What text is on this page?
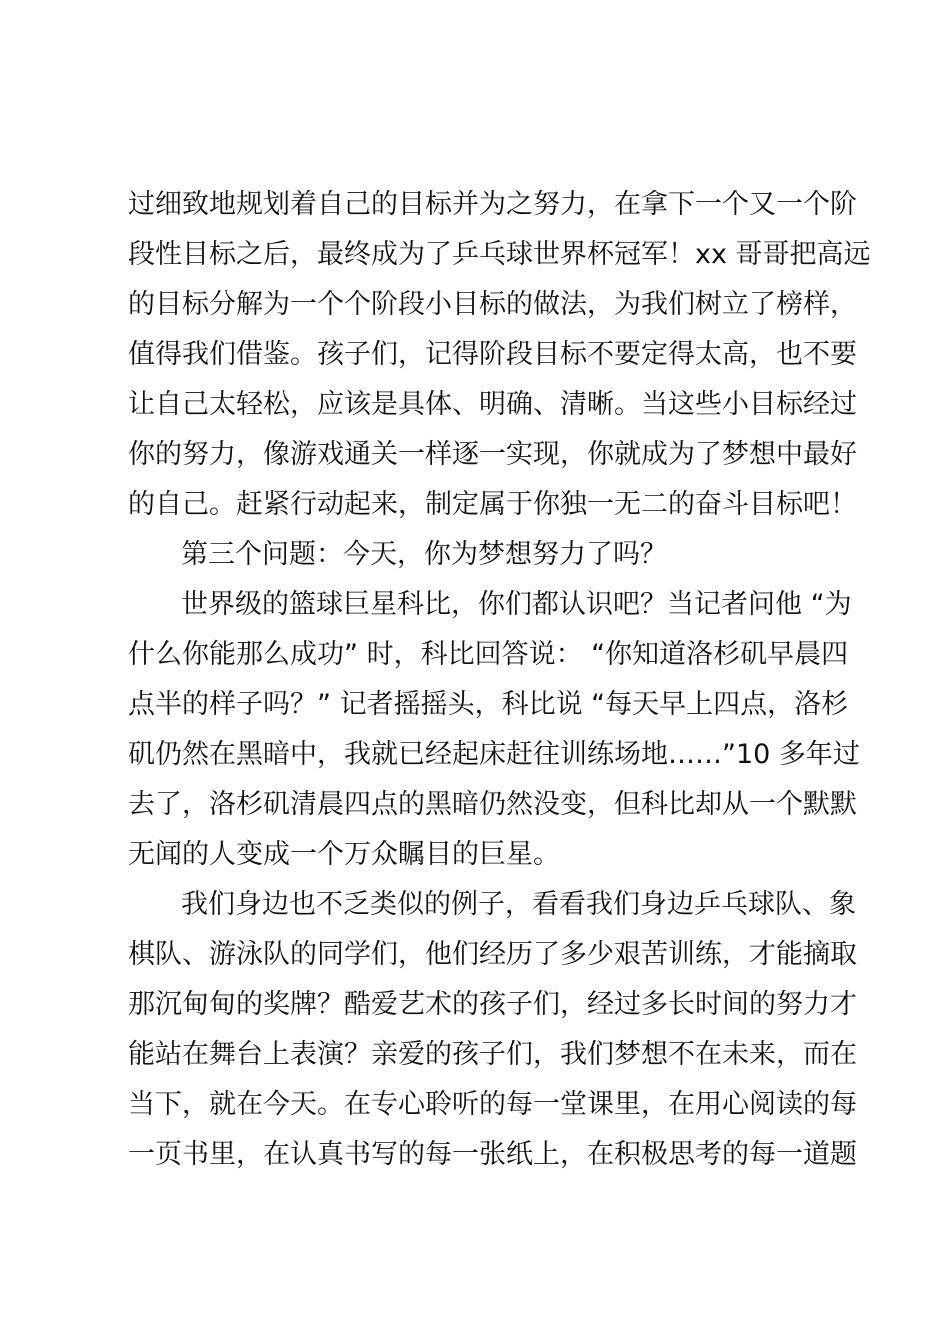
过细致地规划着自己的目标并为之努力，在拿下一个又一个阶
段性目标之后，最终成为了乒乓球世界杯冠军！xx 哥哥把高远
的目标分解为一个个阶段小目标的做法，为我们树立了榜样，
值得我们借鉴。孩子们，记得阶段目标不要定得太高，也不要
让自己太轻松，应该是具体、明确、清晰。当这些小目标经过
你的努力，像游戏通关一样逐一实现，你就成为了梦想中最好
的自己。赶紧行动起来，制定属于你独一无二的奋斗目标吧！
第三个问题：今天，你为梦想努力了吗？
世界级的篮球巨星科比，你们都认识吧？当记者问他 “为
什么你能那么成功” 时，科比回答说： “你知道洛杉矶早晨四
点半的样子吗？” 记者摇摇头，科比说 “每天早上四点，洛杉
矶仍然在黑暗中，我就已经起床赶往训练场地……”10 多年过
去了，洛杉矶清晨四点的黑暗仍然没变，但科比却从一个默默
无闻的人变成一个万众瞩目的巨星。
我们身边也不乏类似的例子，看看我们身边乒乓球队、象
棋队、游泳队的同学们，他们经历了多少艰苦训练，才能摘取
那沉甸甸的奖牌？酷爱艺术的孩子们，经过多长时间的努力才
能站在舞台上表演？亲爱的孩子们，我们梦想不在未来，而在
当下，就在今天。在专心聆听的每一堂课里，在用心阅读的每
一页书里，在认真书写的每一张纸上，在积极思考的每一道题
